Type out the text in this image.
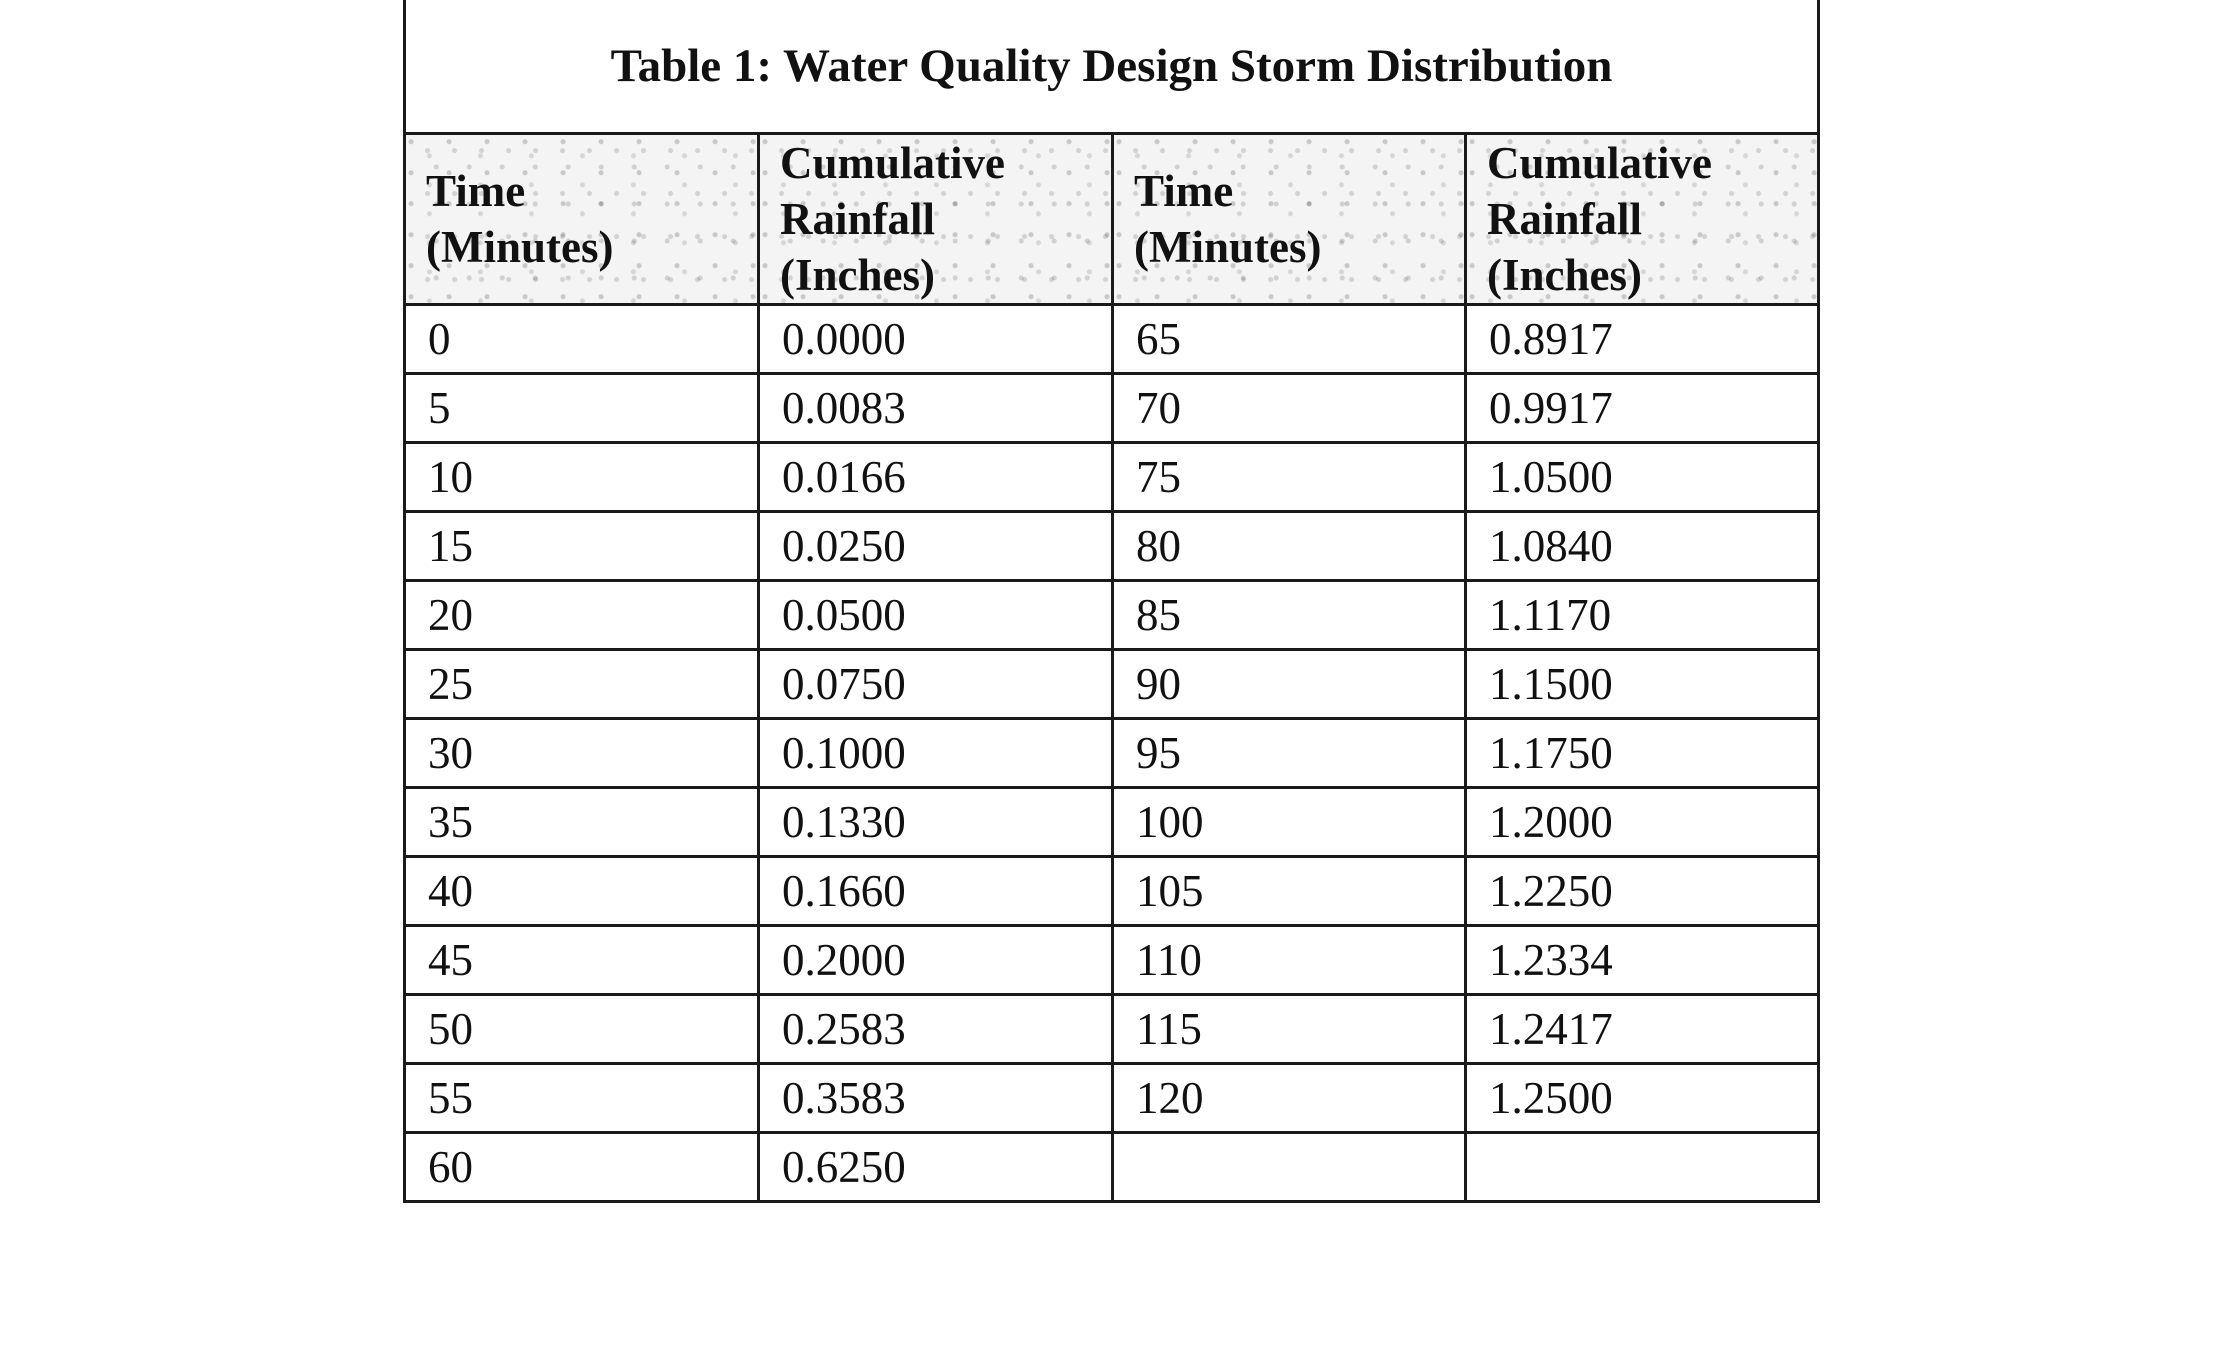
Table 1: Water Quality Design Storm Distribution			

Time
(Minutes)	Cumulative
Rainfall
(Inches)	Time
(Minutes)	Cumulative
Rainfall
(Inches)

0	0.0000	65	0.8917
5	0.0083	70	0.9917
10	0.0166	75	1.0500
15	0.0250	80	1.0840
20	0.0500	85	1.1170
25	0.0750	90	1.1500
30	0.1000	95	1.1750
35	0.1330	100	1.2000
40	0.1660	105	1.2250
45	0.2000	110	1.2334
50	0.2583	115	1.2417
55	0.3583	120	1.2500
60	0.6250		
